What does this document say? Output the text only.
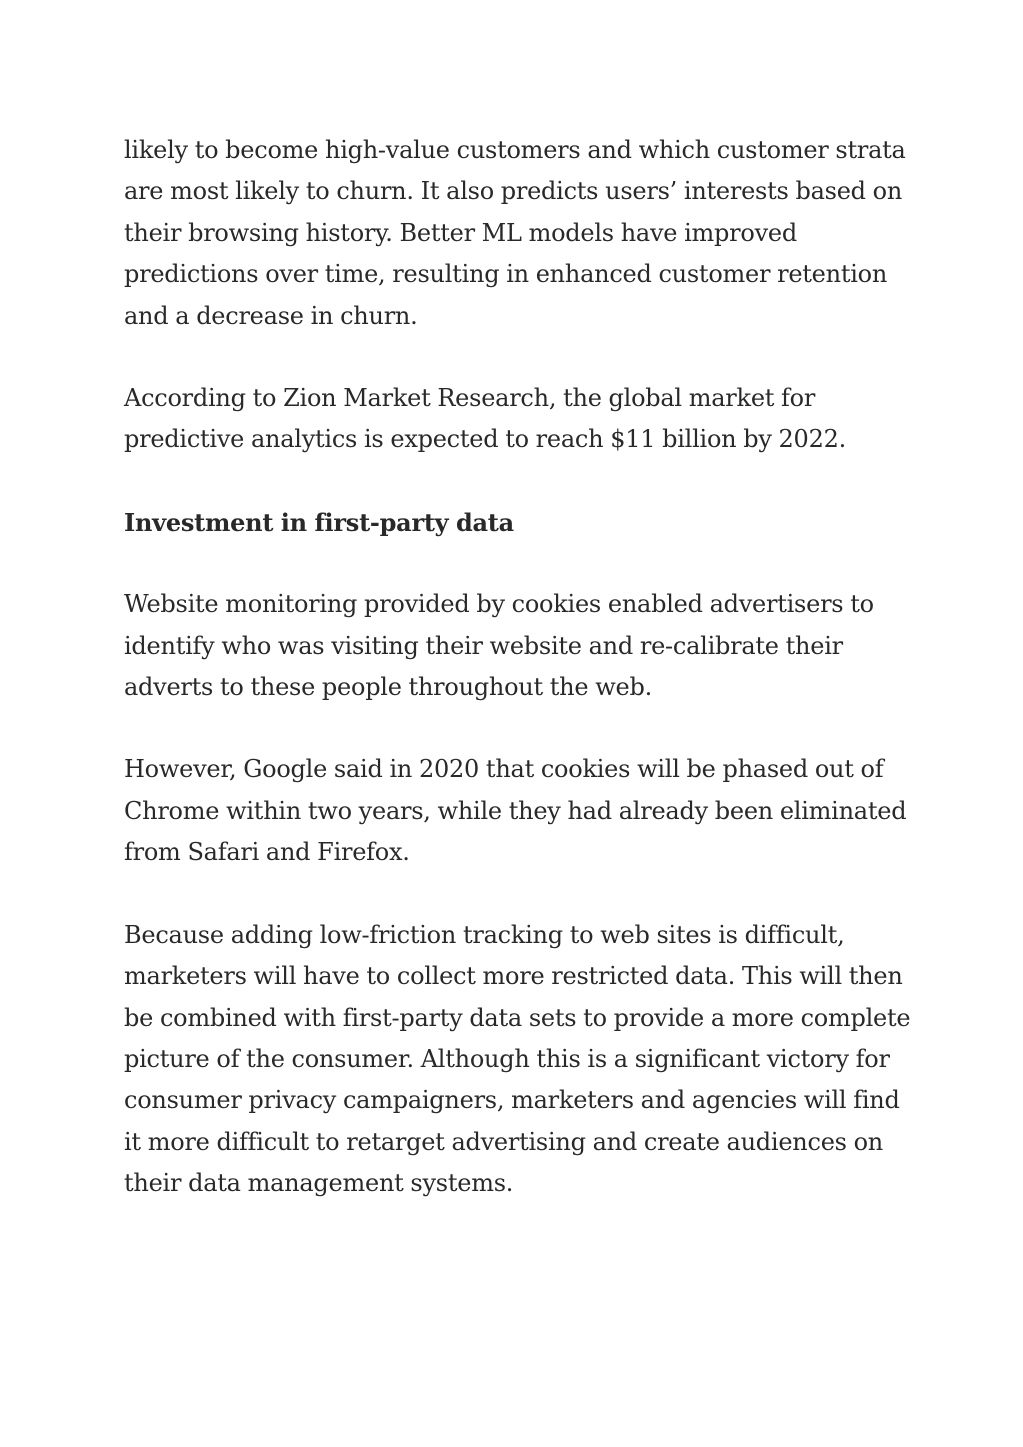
likely to become high-value customers and which customer strata are most likely to churn. It also predicts users’ interests based on their browsing history. Better ML models have improved predictions over time, resulting in enhanced customer retention and a decrease in churn.

According to Zion Market Research, the global market for predictive analytics is expected to reach $11 billion by 2022.

Investment in first-party data

Website monitoring provided by cookies enabled advertisers to identify who was visiting their website and re-calibrate their adverts to these people throughout the web.

However, Google said in 2020 that cookies will be phased out of Chrome within two years, while they had already been eliminated from Safari and Firefox.

Because adding low-friction tracking to web sites is difficult, marketers will have to collect more restricted data. This will then be combined with first-party data sets to provide a more complete picture of the consumer. Although this is a significant victory for consumer privacy campaigners, marketers and agencies will find it more difficult to retarget advertising and create audiences on their data management systems.
